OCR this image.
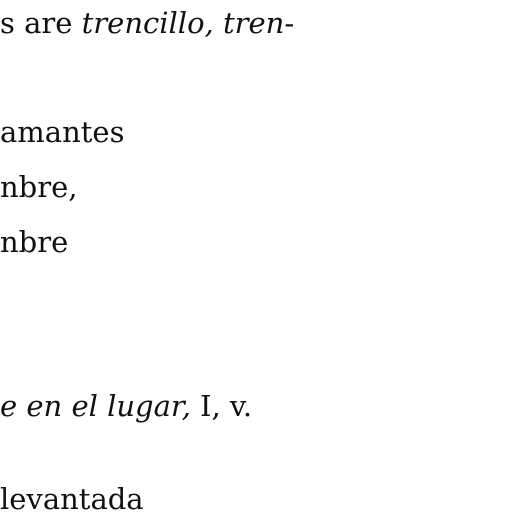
s are trencillo, tren-
amantes
nbre,
nbre
e en el lugar, I, v.
levantada
